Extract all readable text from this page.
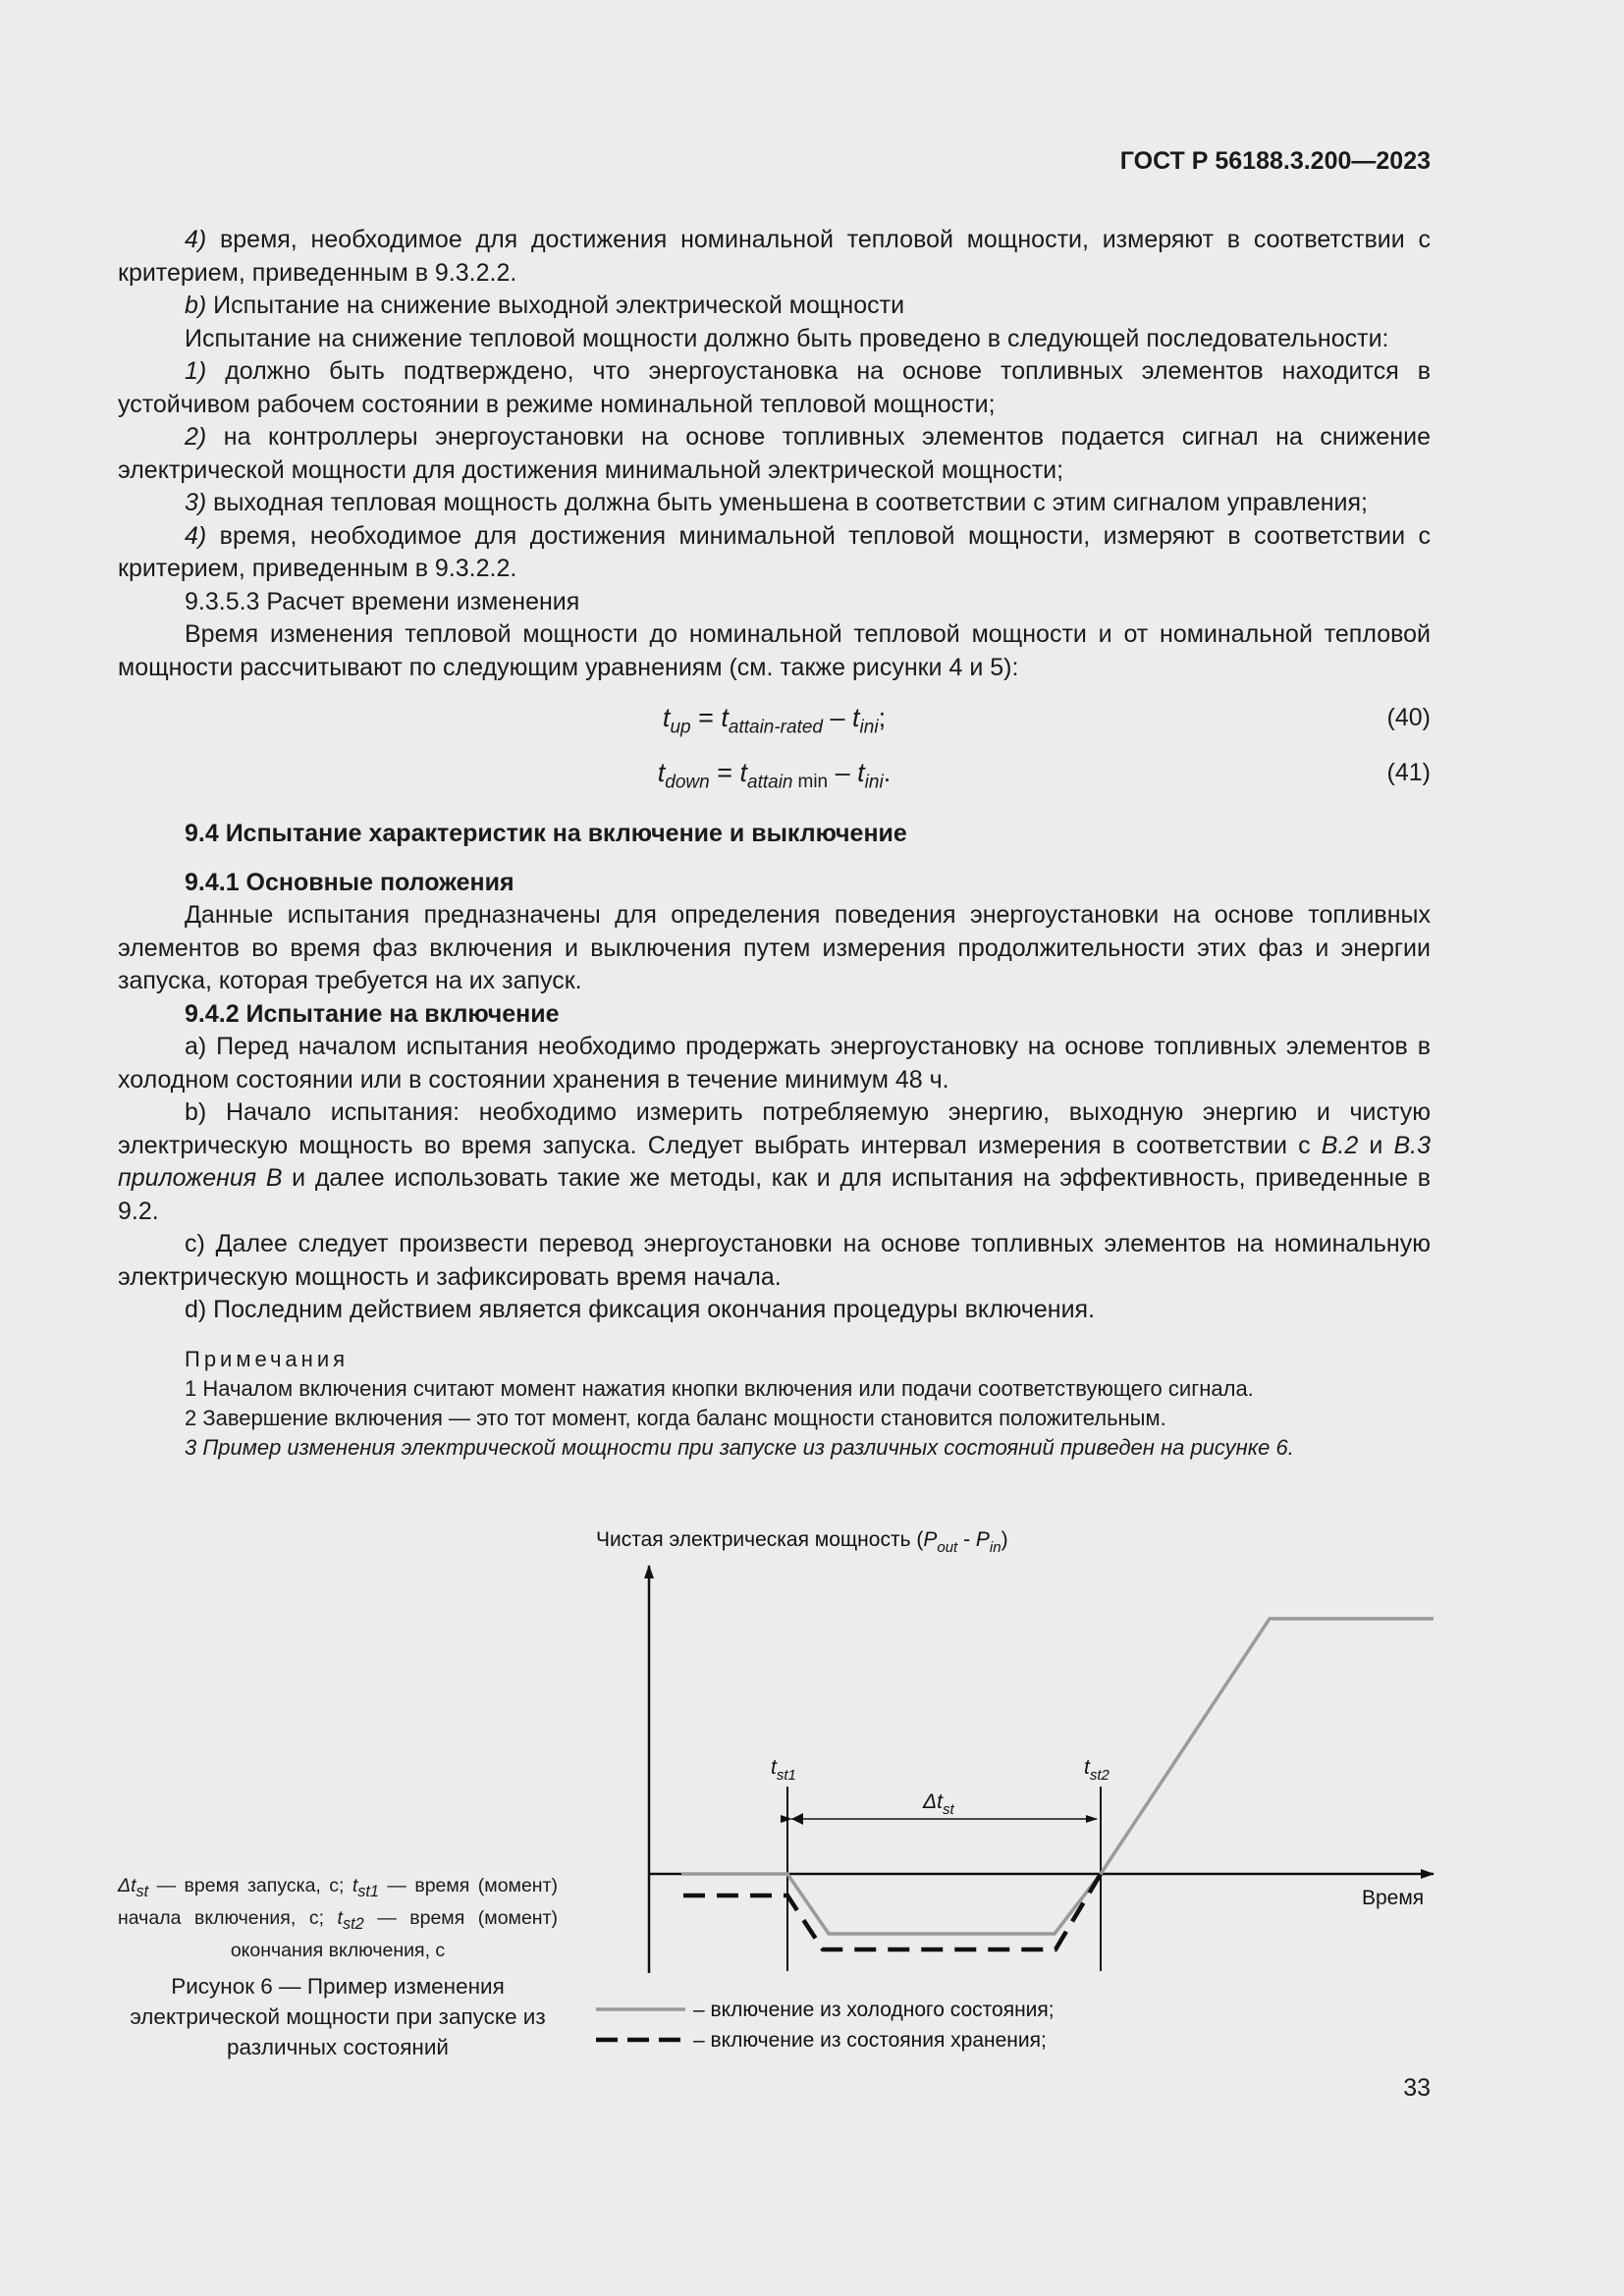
ГОСТ Р 56188.3.200—2023

4) время, необходимое для достижения номинальной тепловой мощности, измеряют в соответствии с критерием, приведенным в 9.3.2.2.

b) Испытание на снижение выходной электрической мощности

Испытание на снижение тепловой мощности должно быть проведено в следующей последовательности:

1) должно быть подтверждено, что энергоустановка на основе топливных элементов находится в устойчивом рабочем состоянии в режиме номинальной тепловой мощности;

2) на контроллеры энергоустановки на основе топливных элементов подается сигнал на снижение электрической мощности для достижения минимальной электрической мощности;

3) выходная тепловая мощность должна быть уменьшена в соответствии с этим сигналом управления;

4) время, необходимое для достижения минимальной тепловой мощности, измеряют в соответствии с критерием, приведенным в 9.3.2.2.

9.3.5.3 Расчет времени изменения

Время изменения тепловой мощности до номинальной тепловой мощности и от номинальной тепловой мощности рассчитывают по следующим уравнениям (см. также рисунки 4 и 5):

$t_{up} = t_{attain-rated} - t_{ini}$;	(40)
$t_{down} = t_{attain}$ $_{min} - t_{ini}$.	(41)
9.4 Испытание характеристик на включение и выключение
9.4.1 Основные положения

Данные испытания предназначены для определения поведения энергоустановки на основе топливных элементов во время фаз включения и выключения путем измерения продолжительности этих фаз и энергии запуска, которая требуется на их запуск.

9.4.2 Испытание на включение

a) Перед началом испытания необходимо продержать энергоустановку на основе топливных элементов в холодном состоянии или в состоянии хранения в течение минимум 48 ч.

b) Начало испытания: необходимо измерить потребляемую энергию, выходную энергию и чистую электрическую мощность во время запуска. Следует выбрать интервал измерения в соответствии с В.2 и В.3 приложения В и далее использовать такие же методы, как и для испытания на эффективность, приведенные в 9.2.

c) Далее следует произвести перевод энергоустановки на основе топливных элементов на номинальную электрическую мощность и зафиксировать время начала.

d) Последним действием является фиксация окончания процедуры включения.

Примечания

1 Началом включения считают момент нажатия кнопки включения или подачи соответствующего сигнала.

2 Завершение включения — это тот момент, когда баланс мощности становится положительным.

3 Пример изменения электрической мощности при запуске из различных состояний приведен на рисунке 6.

Чистая электрическая мощность $(P_{out} - P_{in})$
Время
$t_{st1}$	$t_{st2}$
$\Delta t_{st}$
– включение из холодного состояния;
– включение из состояния хранения;
$\Delta t_{st}$ — время запуска, с; $t_{st1}$ — время (момент) начала включения, с; $t_{st2}$ — время (момент) окончания включения, с
Рисунок 6 — Пример изменения электрической мощности при запуске из различных состояний
33
